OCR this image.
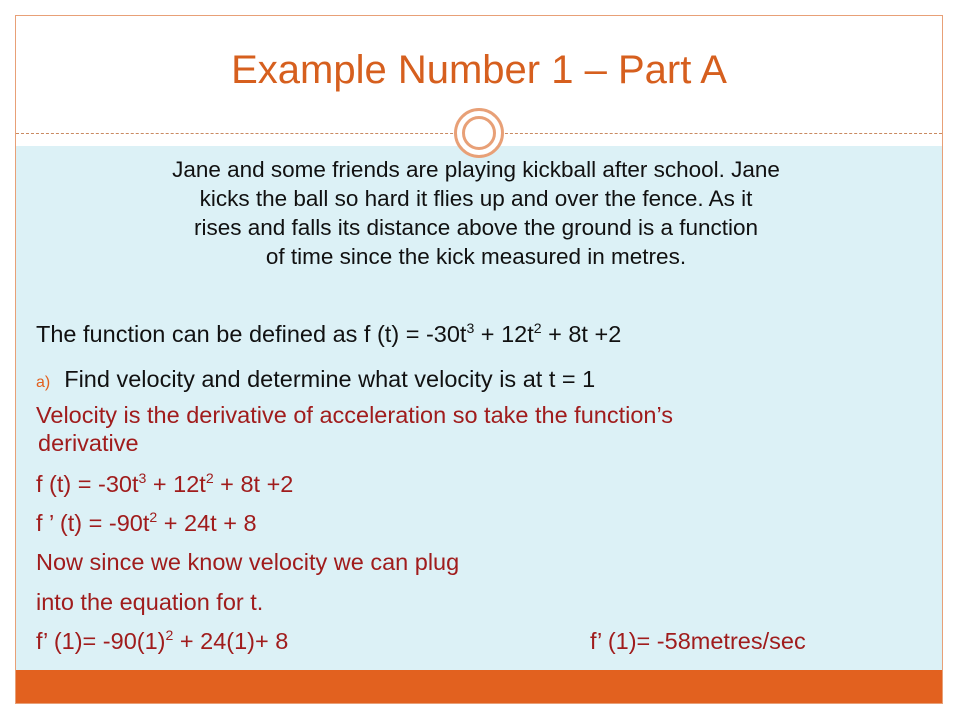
Example Number 1 – Part A
Jane and some friends are playing kickball after school. Jane
kicks the ball so hard it flies up and over the fence. As it
rises and falls its distance above the ground is a function
of time since the kick measured in metres.
The function can be defined as f $(t) = -30t^3 + 12t^2 + 8t +2$
a) Find velocity and determine what velocity is at t = 1
Velocity is the derivative of acceleration so take the function’s
derivative
f $(t) = -30t^3 + 12t^2 + 8t +2$
f ’ $(t) = -90t^2 + 24t + 8$
Now since we know velocity we can plug
into the equation for t.
f’ $(1)= -90(1)^2 + 24(1)+ 8$	f’ (1)= -58metres/sec
